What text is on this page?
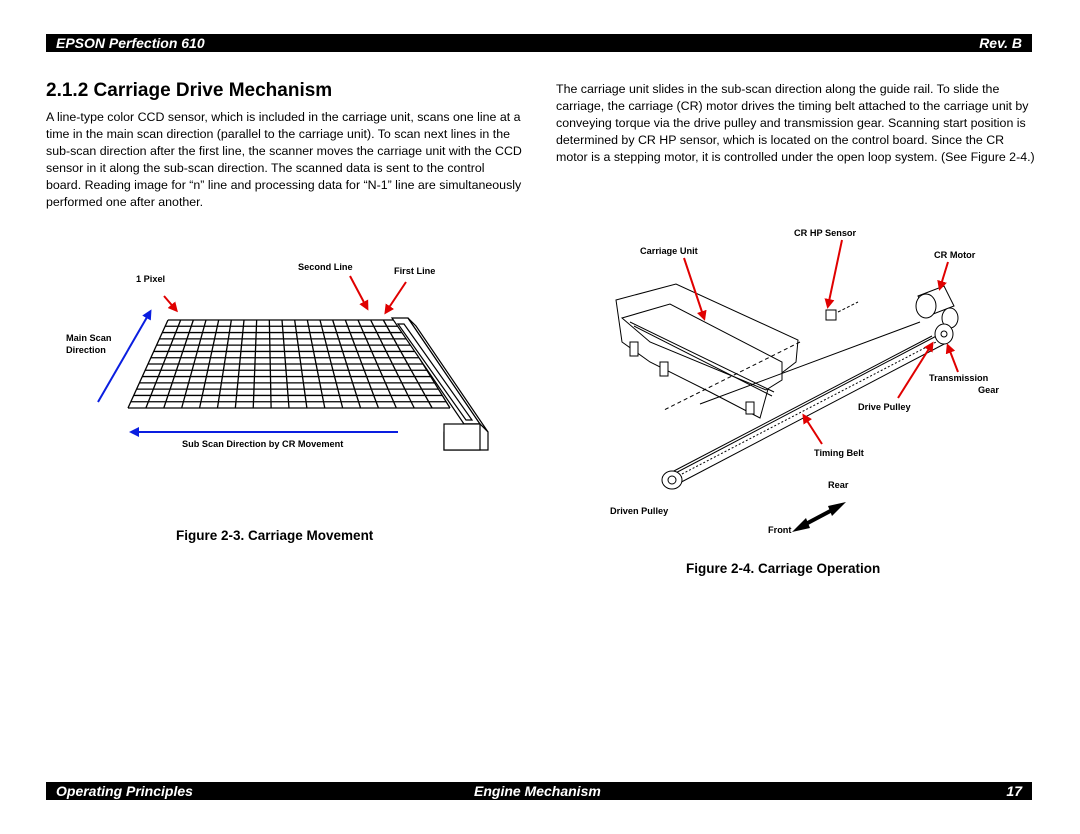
EPSON Perfection 610	Rev. B
2.1.2 Carriage Drive Mechanism

A line-type color CCD sensor, which is included in the carriage unit, scans one line at a time in the main scan direction (parallel to the carriage unit). To scan next lines in the sub-scan direction after the first line, the scanner moves the carriage unit with the CCD sensor in it along the sub-scan direction. The scanned data is sent to the control board. Reading image for “n” line and processing data for “N-1” line are simultaneously performed one after another.

The carriage unit slides in the sub-scan direction along the guide rail. To slide the carriage, the carriage (CR) motor drives the timing belt attached to the carriage unit by conveying torque via the drive pulley and transmission gear. Scanning start position is determined by CR HP sensor, which is located on the control board. Since the CR motor is a stepping motor, it is controlled under the open loop system. (See Figure 2-4.)

Second Line	First Line
1 Pixel
Main Scan
Direction
Sub Scan Direction by CR Movement
Figure 2-3. Carriage Movement
CR HP Sensor
Carriage Unit	CR Motor
Transmission
Gear
Drive Pulley
Timing Belt
Rear
Driven Pulley
Front
Figure 2-4. Carriage Operation
Operating Principles	Engine Mechanism	17
